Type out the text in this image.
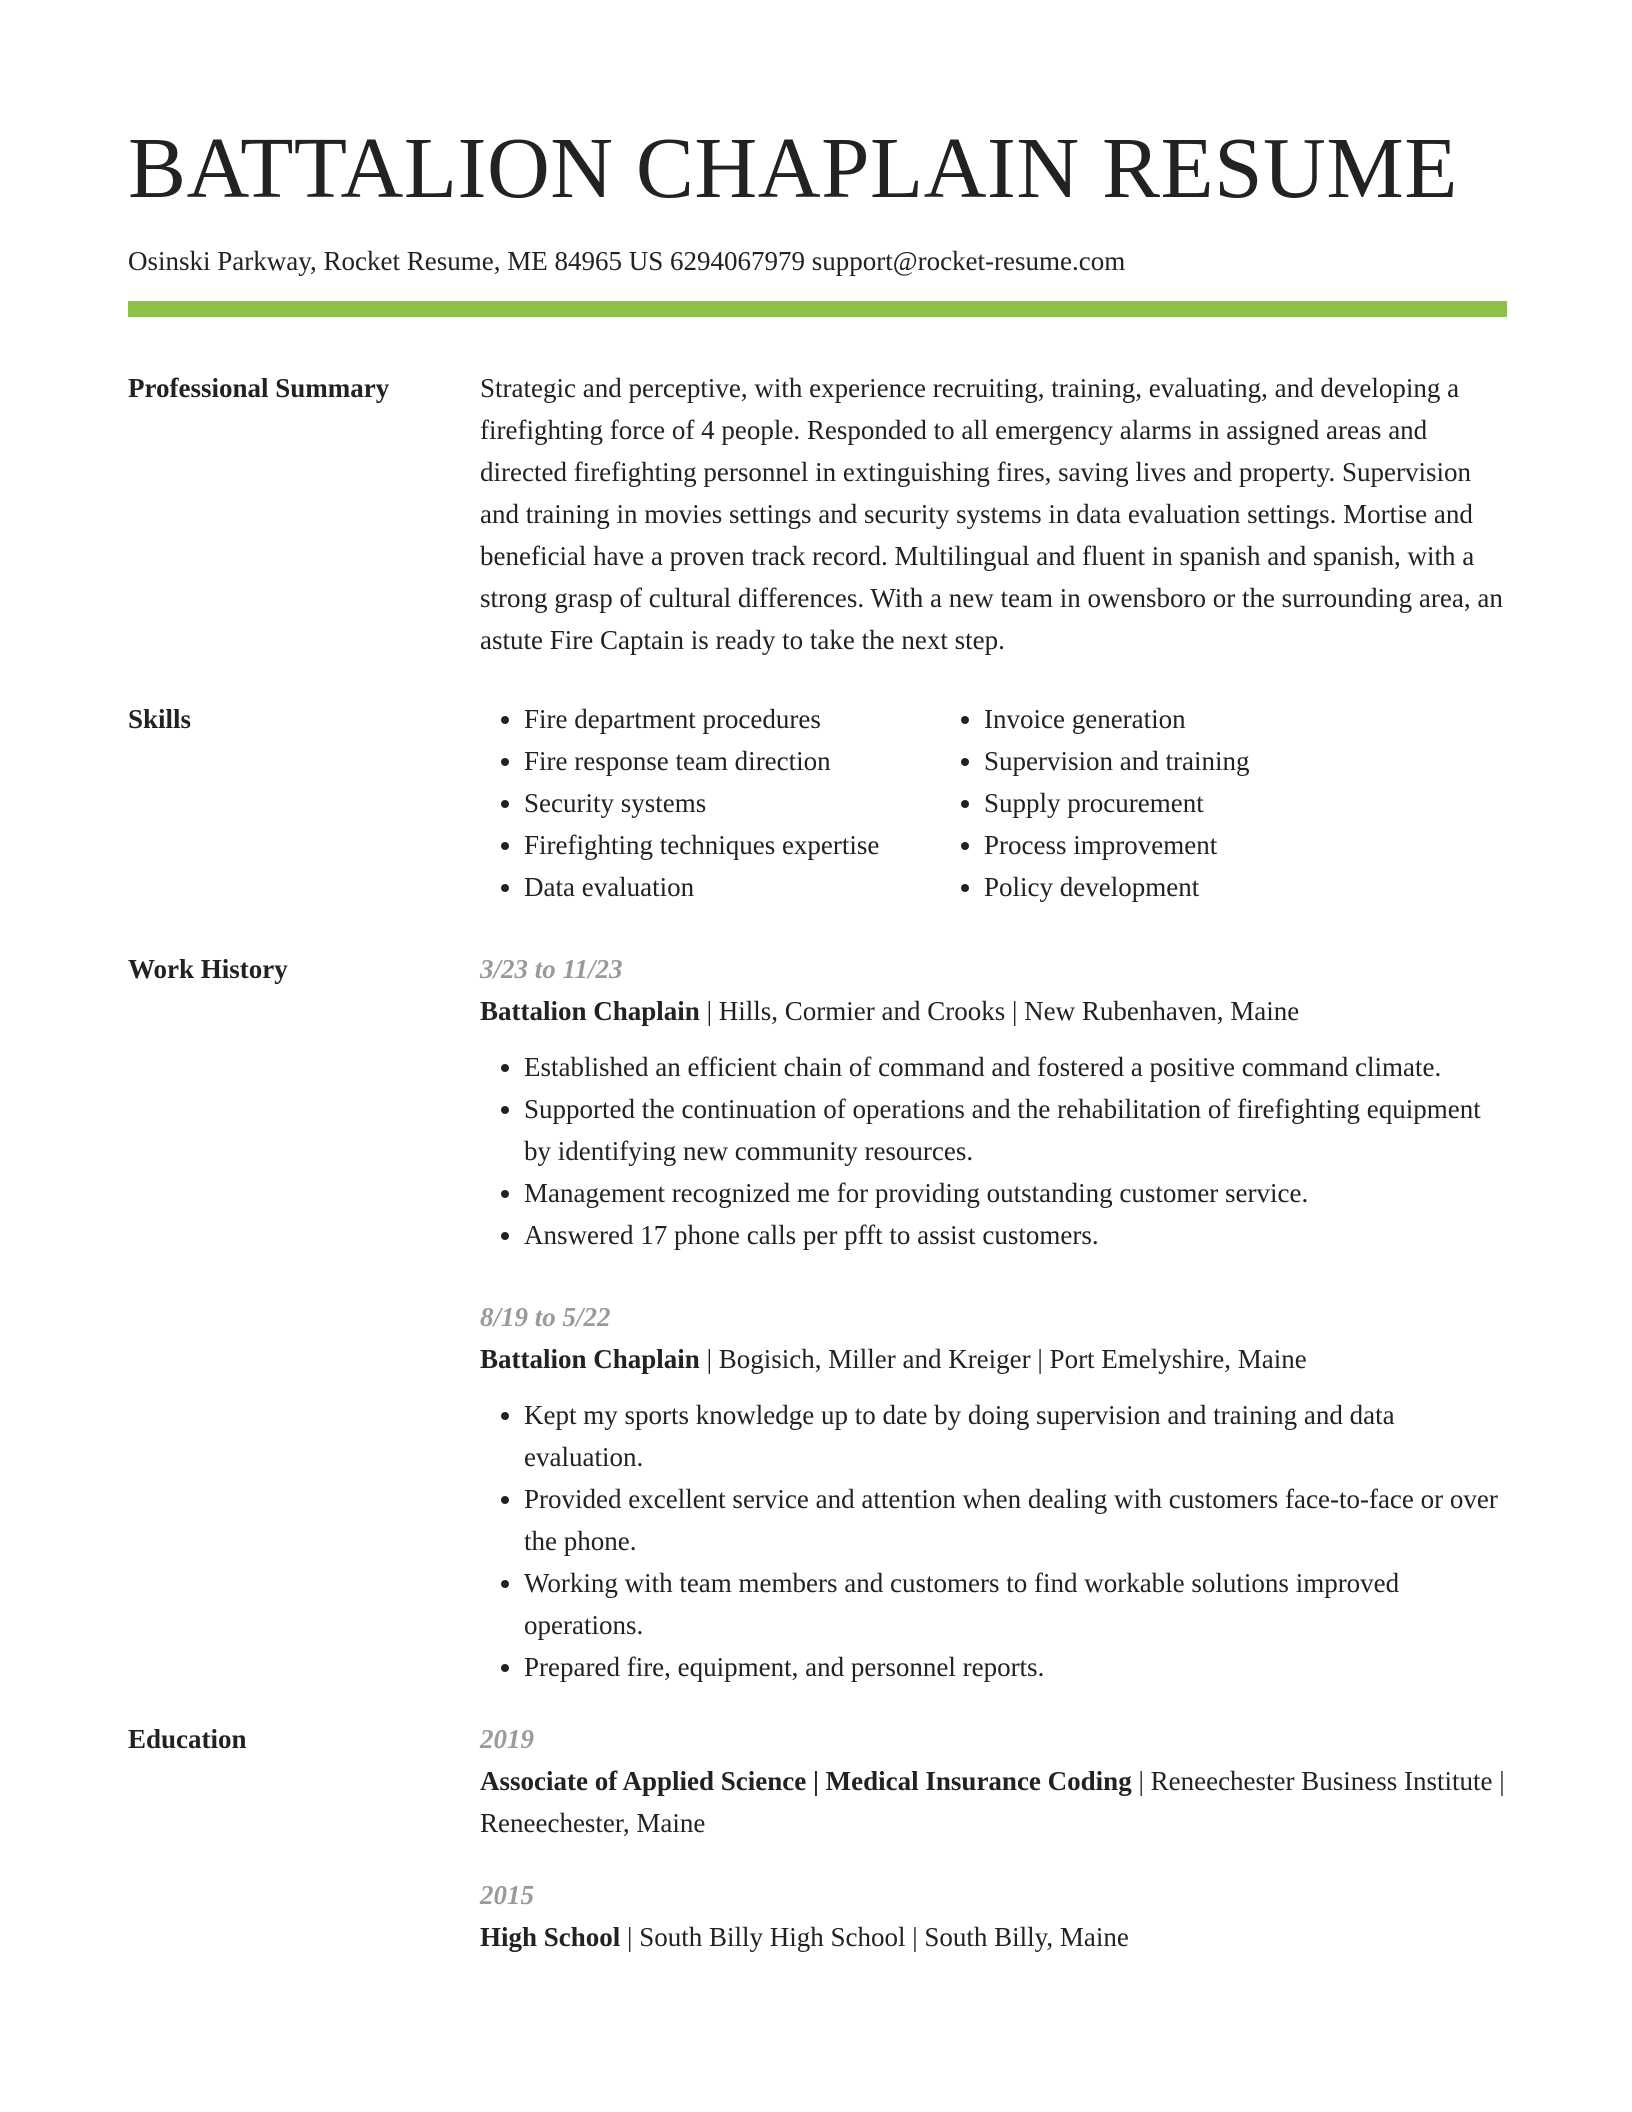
BATTALION CHAPLAIN RESUME
Osinski Parkway, Rocket Resume, ME 84965 US 6294067979 support@rocket-resume.com
Professional Summary	Strategic and perceptive, with experience recruiting, training, evaluating, and developing a firefighting force of 4 people. Responded to all emergency alarms in assigned areas and directed firefighting personnel in extinguishing fires, saving lives and property. Supervision and training in movies settings and security systems in data evaluation settings. Mortise and beneficial have a proven track record. Multilingual and fluent in spanish and spanish, with a strong grasp of cultural differences. With a new team in owensboro or the surrounding area, an astute Fire Captain is ready to take the next step.

Skills
•	Fire department procedures
• Fire response team direction
• Security systems
• Firefighting techniques expertise
• Data evaluation
• Invoice generation
• Supervision and training
• Supply procurement
• Process improvement
• Policy development
Work History	3/23 to 11/23
Battalion Chaplain | Hills, Cormier and Crooks | New Rubenhaven, Maine
• Established an efficient chain of command and fostered a positive command climate.
• Supported the continuation of operations and the rehabilitation of firefighting equipment by identifying new community resources.
• Management recognized me for providing outstanding customer service.
• Answered 17 phone calls per pfft to assist customers.
8/19 to 5/22
Battalion Chaplain | Bogisich, Miller and Kreiger | Port Emelyshire, Maine
• Kept my sports knowledge up to date by doing supervision and training and data evaluation.
• Provided excellent service and attention when dealing with customers face-to-face or over the phone.
• Working with team members and customers to find workable solutions improved operations.
• Prepared fire, equipment, and personnel reports.
Education	2019
Associate of Applied Science | Medical Insurance Coding | Reneechester Business Institute | Reneechester, Maine
2015
High School | South Billy High School | South Billy, Maine
